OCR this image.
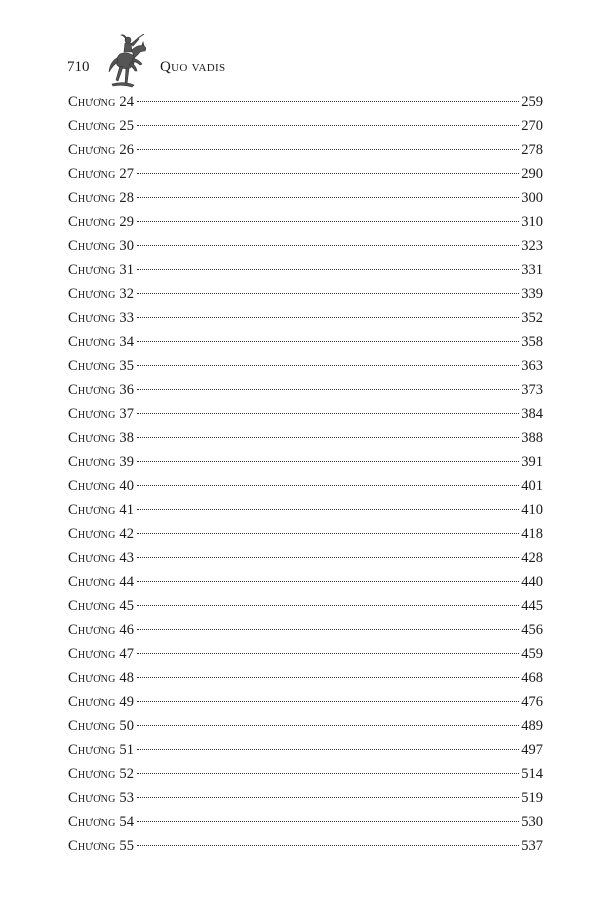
710	Quo vadis
Chương 24	259
Chương 25	270
Chương 26	278
Chương 27	290
Chương 28	300
Chương 29	310
Chương 30	323
Chương 31	331
Chương 32	339
Chương 33	352
Chương 34	358
Chương 35	363
Chương 36	373
Chương 37	384
Chương 38	388
Chương 39	391
Chương 40	401
Chương 41	410
Chương 42	418
Chương 43	428
Chương 44	440
Chương 45	445
Chương 46	456
Chương 47	459
Chương 48	468
Chương 49	476
Chương 50	489
Chương 51	497
Chương 52	514
Chương 53	519
Chương 54	530
Chương 55	537
